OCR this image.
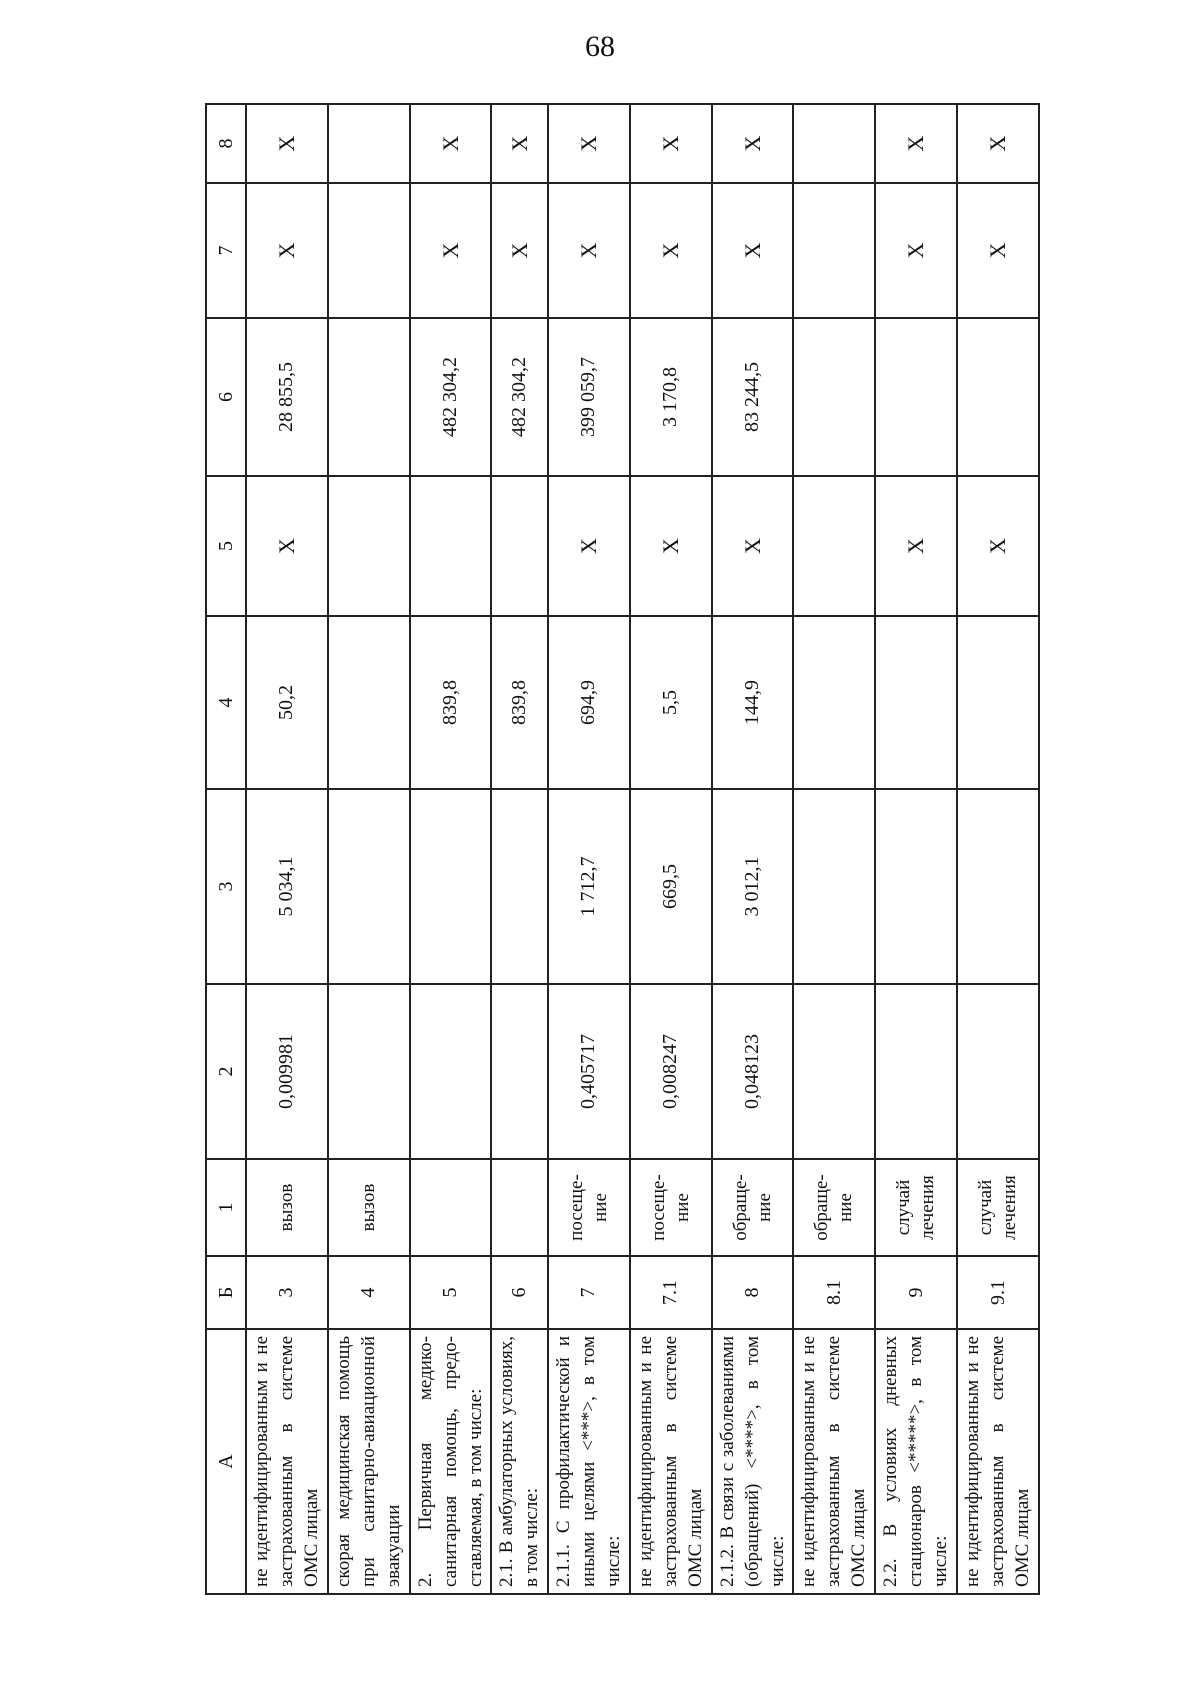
68
А	Б	1	2	3	4	5	6	7	8
не идентифицированным и не застрахованным в системе ОМС лицам	3	вызов	0,009981	5 034,1	50,2	Х	28 855,5	Х	Х
скорая медицинская помощь при санитарно-авиационной эвакуации	4	вызов							
2. Первичная медико-санитарная помощь, предо-ставляемая, в том числе:	5				839,8		482 304,2	Х	Х
2.1. В амбулаторных условиях, в том числе:	6				839,8		482 304,2	Х	Х
2.1.1. С профилактической и иными целями <***>, в том числе:	7	посеще-ние	0,405717	1 712,7	694,9	Х	399 059,7	Х	Х
не идентифицированным и не застрахованным в системе ОМС лицам	7.1	посеще-ние	0,008247	669,5	5,5	Х	3 170,8	Х	Х
2.1.2. В связи с заболеваниями (обращений) <****>, в том числе:	8	обраще-ние	0,048123	3 012,1	144,9	Х	83 244,5	Х	Х
не идентифицированным и не застрахованным в системе ОМС лицам	8.1	обраще-ние							
2.2. В условиях дневных стационаров <*****>, в том числе:	9	случай лечения				Х		Х	Х
не идентифицированным и не застрахованным в системе ОМС лицам	9.1	случай лечения				Х		Х	Х
